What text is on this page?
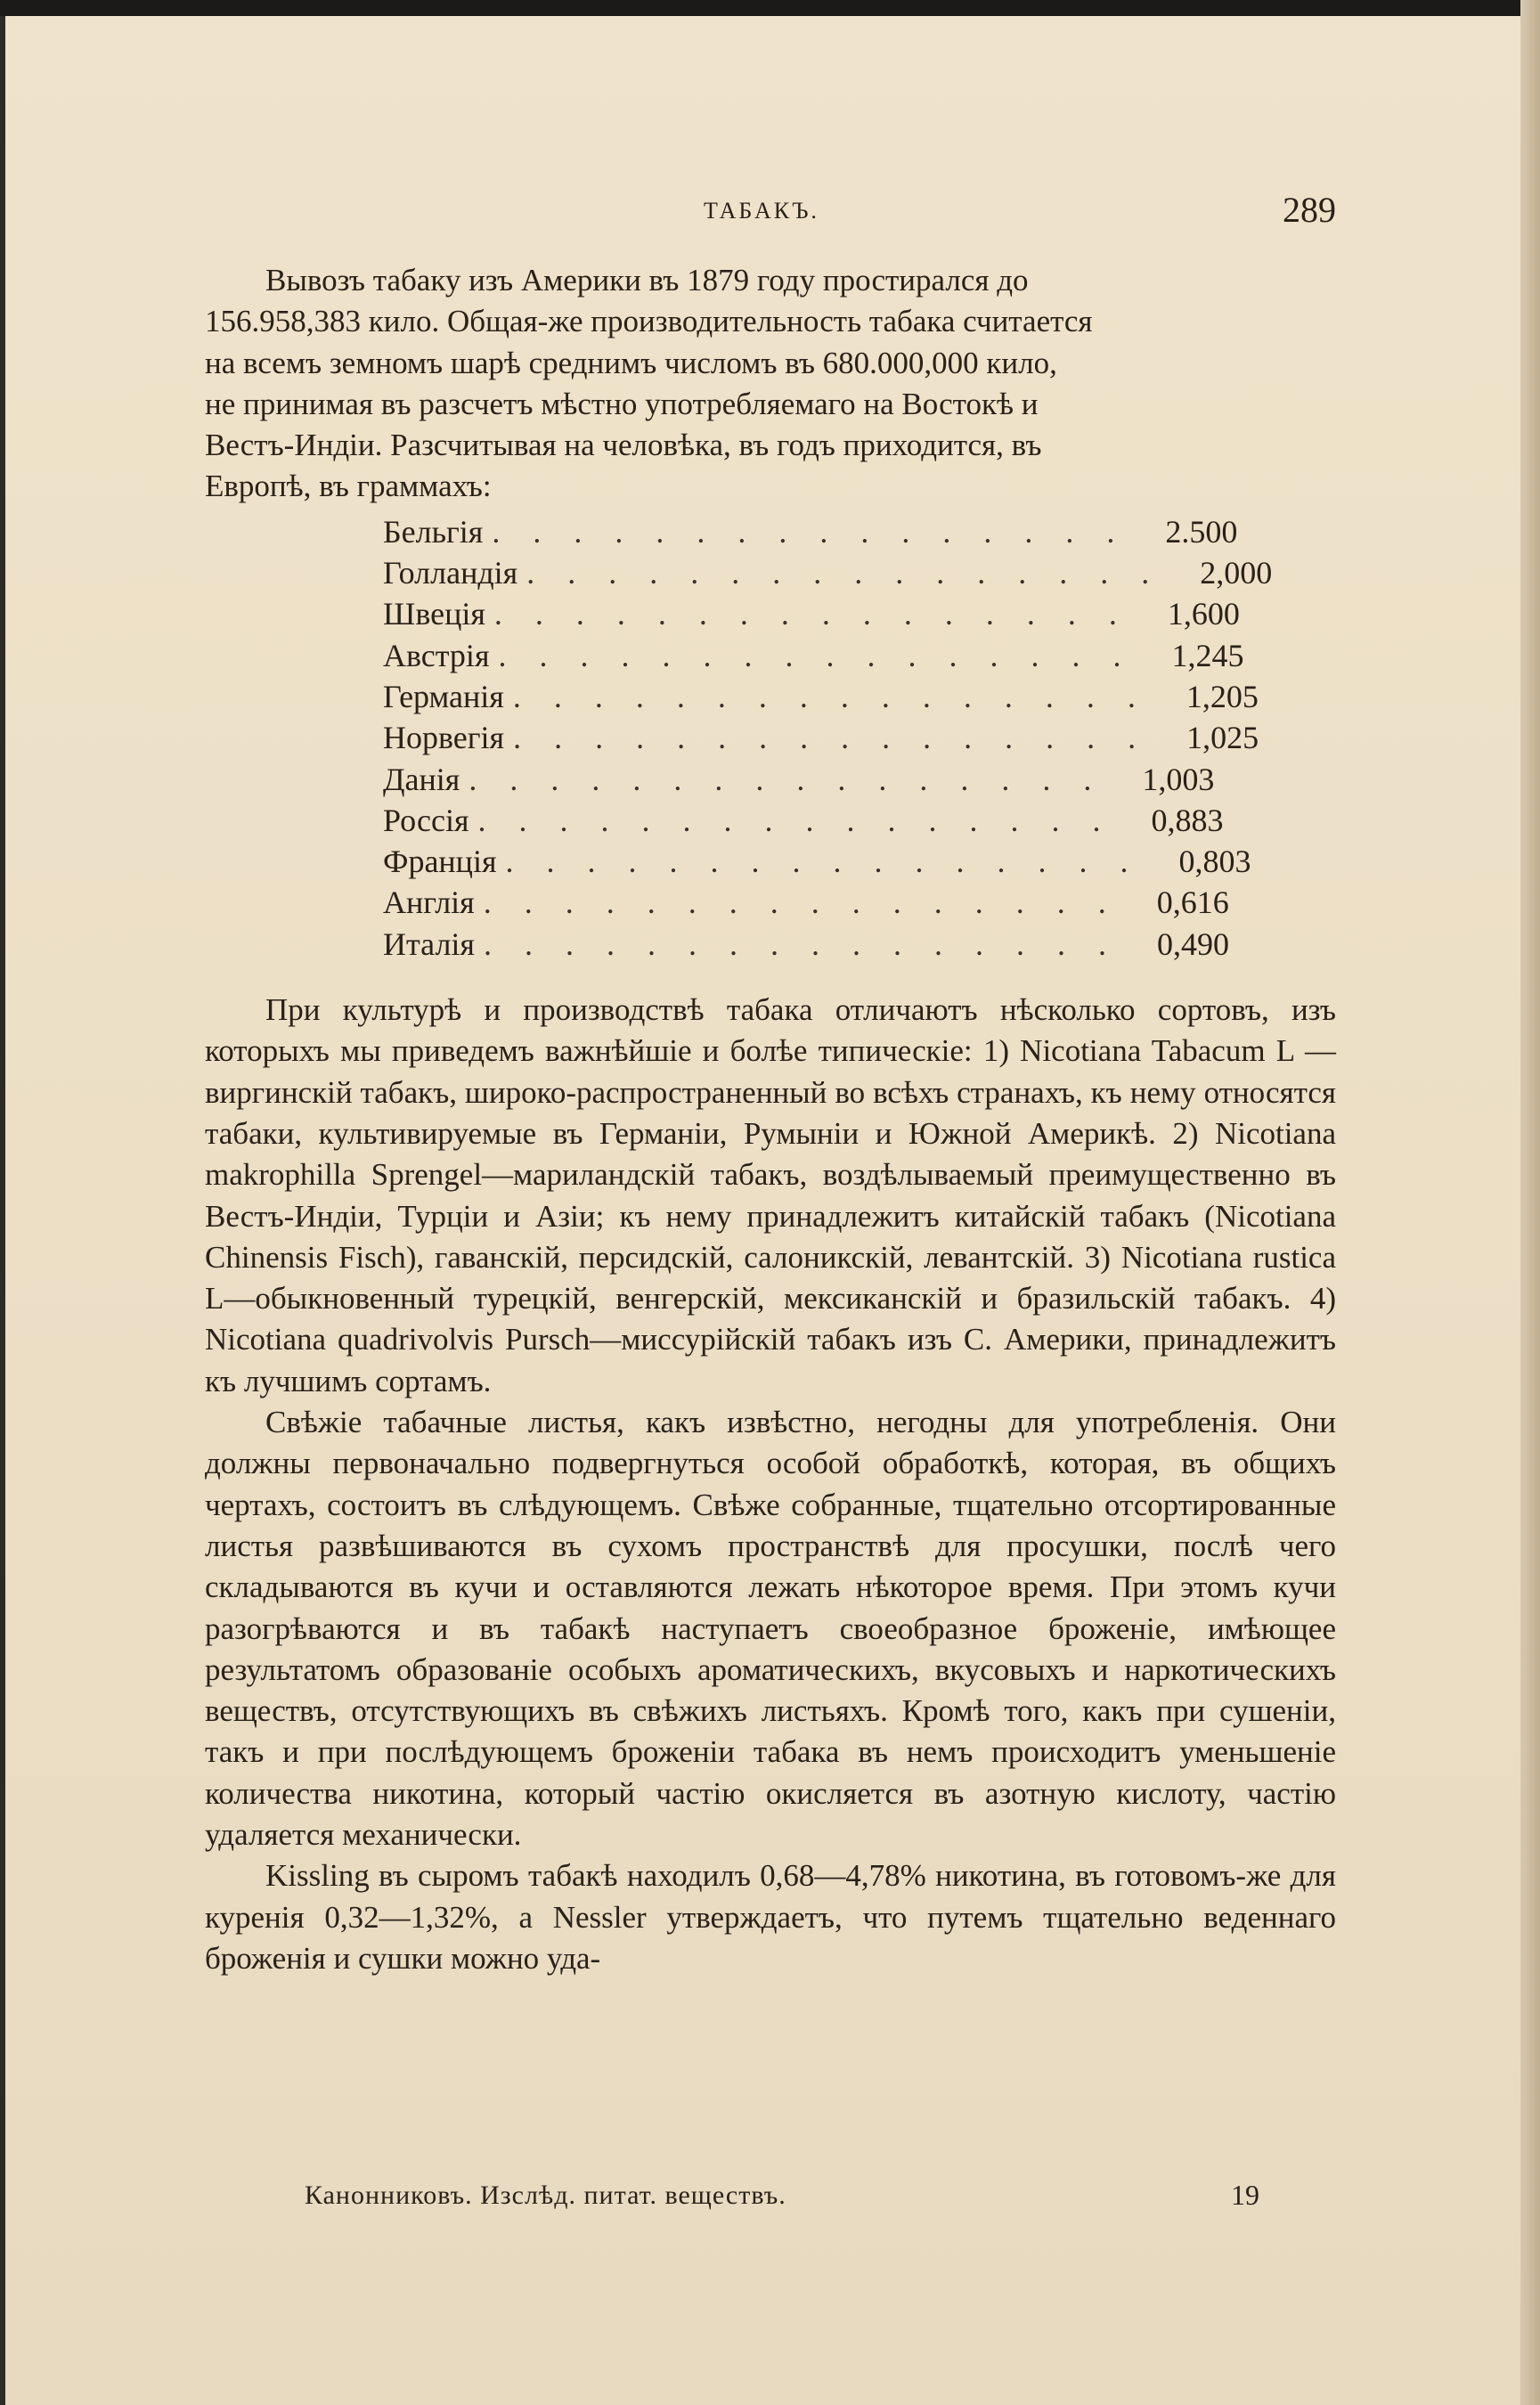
ТАБАКЪ.	289
Вывозъ табаку изъ Америки въ 1879 году простирался до
156.958,383 кило. Общая-же производительность табака считается
на всемъ земномъ шарѣ среднимъ числомъ въ 680.000,000 кило,
не принимая въ разсчетъ мѣстно употребляемаго на Востокѣ и
Вестъ-Индіи. Разсчитывая на человѣка, въ годъ приходится, въ
Европѣ, въ граммахъ:
Бельгія . . . . . . . . . . . . . . . .	2.500
Голландія . . . . . . . . . . . . . . . .	2,000
Швеція . . . . . . . . . . . . . . . .	1,600
Австрія . . . . . . . . . . . . . . . .	1,245
Германія . . . . . . . . . . . . . . . .	1,205
Норвегія . . . . . . . . . . . . . . . .	1,025
Данія . . . . . . . . . . . . . . . .	1,003
Россія . . . . . . . . . . . . . . . .	0,883
Франція . . . . . . . . . . . . . . . .	0,803
Англія . . . . . . . . . . . . . . . .	0,616
Италія . . . . . . . . . . . . . . . .	0,490

При культурѣ и производствѣ табака отличаютъ нѣсколько сортовъ, изъ которыхъ мы приведемъ важнѣйшіе и болѣе типическіе: 1) Nicotiana Tabacum L — виргинскій табакъ, широко-распространенный во всѣхъ странахъ, къ нему относятся табаки, культивируемые въ Германіи, Румыніи и Южной Америкѣ. 2) Nicotiana makrophilla Sprengel—мариландскій табакъ, воздѣлываемый преимущественно въ Вестъ-Индіи, Турціи и Азіи; къ нему принадлежитъ китайскій табакъ (Nicotiana Chinensis Fisch), гаванскій, персидскій, салоникскій, левантскій. 3) Nicotiana rustica L—обыкновенный турецкій, венгерскій, мексиканскій и бразильскій табакъ. 4) Nicotiana quadrivolvis Pursch—миссурійскій табакъ изъ С. Америки, принадлежитъ къ лучшимъ сортамъ.

Свѣжіе табачные листья, какъ извѣстно, негодны для употребленія. Они должны первоначально подвергнуться особой обработкѣ, которая, въ общихъ чертахъ, состоитъ въ слѣдующемъ. Свѣже собранные, тщательно отсортированные листья развѣшиваются въ сухомъ пространствѣ для просушки, послѣ чего складываются въ кучи и оставляются лежать нѣкоторое время. При этомъ кучи разогрѣваются и въ табакѣ наступаетъ своеобразное броженіе, имѣющее результатомъ образованіе особыхъ ароматическихъ, вкусовыхъ и наркотическихъ веществъ, отсутствующихъ въ свѣжихъ листьяхъ. Кромѣ того, какъ при сушеніи, такъ и при послѣдующемъ броженіи табака въ немъ происходитъ уменьшеніе количества никотина, который частію окисляется въ азотную кислоту, частію удаляется механически.

Kissling въ сыромъ табакѣ находилъ 0,68—4,78% никотина, въ готовомъ-же для куренія 0,32—1,32%, а Nessler утверждаетъ, что путемъ тщательно веденнаго броженія и сушки можно уда-

Канонниковъ. Изслѣд. питат. веществъ.	19
